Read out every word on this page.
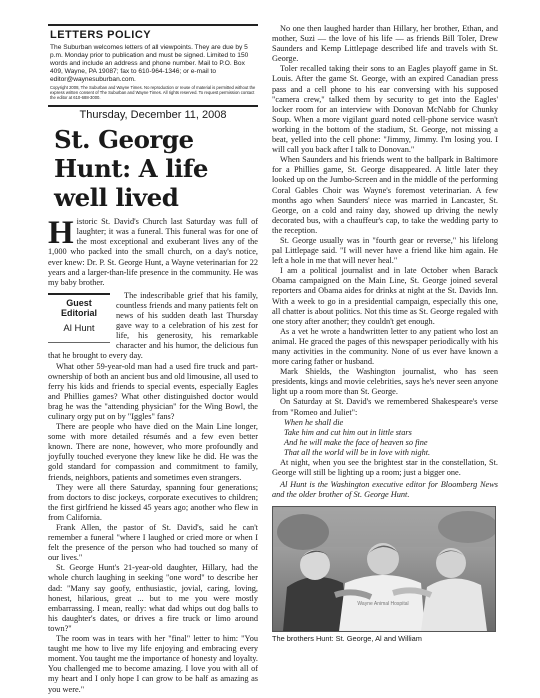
LETTERS POLICY
The Suburban welcomes letters of all viewpoints. They are due by 5 p.m. Monday prior to publication and must be signed. Limited to 150 words and include an address and phone number. Mail to P.O. Box 409, Wayne, PA 19087; fax to 610-964-1346; or e-mail to editor@waynesuburban.com.
Copyright 2008, The Suburban and Wayne Times. No reproduction or reuse of material is permitted without the express written consent of The Suburban and Wayne Times. All rights reserved. To request permission contact the editor at 610-688-3000.
Thursday, December 11, 2008
St. George Hunt: A life well lived
Historic St. David's Church last Saturday was full of laughter; it was a funeral. This funeral was for one of the most exceptional and exuberant lives any of the 1,000 who packed into the small church, on a day's notice, ever knew: Dr. P. St. George Hunt, a Wayne veterinarian for 22 years and a larger-than-life presence in the community. He was my baby brother.
Guest Editorial
Al Hunt

The indescribable grief that his family, countless friends and many patients felt on news of his sudden death last Thursday gave way to a celebration of his zest for life, his generosity, his remarkable character and his humor, the delicious fun that he brought to every day.

What other 59-year-old man had a used fire truck and part-ownership of both an ancient bus and old limousine, all used to ferry his kids and friends to special events, especially Eagles and Phillies games? What other distinguished doctor would brag he was the "attending physician" for the Wing Bowl, the culinary orgy put on by "Iggles" fans?

There are people who have died on the Main Line longer, some with more detailed résumés and a few even better known. There are none, however, who more profoundly and joyfully touched everyone they knew like he did. He was the gold standard for compassion and commitment to family, friends, neighbors, patients and sometimes even strangers.

They were all there Saturday, spanning four generations; from doctors to disc jockeys, corporate executives to children; the first girlfriend he kissed 45 years ago; another who flew in from California.

Frank Allen, the pastor of St. David's, said he can't remember a funeral "where I laughed or cried more or when I felt the presence of the person who had touched so many of our lives."

St. George Hunt's 21-year-old daughter, Hillary, had the whole church laughing in seeking "one word" to describe her dad: "Many say goofy, enthusiastic, jovial, caring, loving, honest, hilarious, great ... but to me you were mostly embarrassing. I mean, really: what dad whips out dog balls to his daughter's dates, or drives a fire truck or limo around town?"

The room was in tears with her "final" letter to him: "You taught me how to live my life enjoying and embracing every moment. You taught me the importance of honesty and loyalty. You challenged me to become amazing. I love you with all of my heart and I only hope I can grow to be half as amazing as you were."

No one then laughed harder than Hillary, her brother, Ethan, and mother, Suzi — the love of his life — as friends Bill Toler, Drew Saunders and Kemp Littlepage described life and travels with St. George.

Toler recalled taking their sons to an Eagles playoff game in St. Louis. After the game St. George, with an expired Canadian press pass and a cell phone to his ear conversing with his supposed "camera crew," talked them by security to get into the Eagles' locker room for an interview with Donovan McNabb for Chunky Soup. When a more vigilant guard noted cell-phone service wasn't working in the bottom of the stadium, St. George, not missing a beat, yelled into the cell phone: "Jimmy, Jimmy. I'm losing you. I will call you back after I talk to Donovan."

When Saunders and his friends went to the ballpark in Baltimore for a Phillies game, St. George disappeared. A little later they looked up on the Jumbo-Screen and in the middle of the performing Coral Gables Choir was Wayne's foremost veterinarian. A few months ago when Saunders' niece was married in Lancaster, St. George, on a cold and rainy day, showed up driving the newly decorated bus, with a chauffeur's cap, to take the wedding party to the reception.

St. George usually was in "fourth gear or reverse," his lifelong pal Littlepage said. "I will never have a friend like him again. He left a hole in me that will never heal."

I am a political journalist and in late October when Barack Obama campaigned on the Main Line, St. George joined several reporters and Obama aides for drinks at night at the St. Davids Inn. With a week to go in a presidential campaign, especially this one, all chatter is about politics. Not this time as St. George regaled with one story after another; they couldn't get enough.

As a vet he wrote a handwritten letter to any patient who lost an animal. He graced the pages of this newspaper periodically with his many activities in the community. None of us ever have known a more caring father or husband.

Mark Shields, the Washington journalist, who has seen presidents, kings and movie celebrities, says he's never seen anyone light up a room more than St. George.

On Saturday at St. David's we remembered Shakespeare's verse from "Romeo and Juliet":

When he shall die
Take him and cut him out in little stars
And he will make the face of heaven so fine
That all the world will be in love with night.

At night, when you see the brightest star in the constellation, St. George will still be lighting up a room; just a bigger one.

Al Hunt is the Washington executive editor for Bloomberg News and the older brother of St. George Hunt.
Wayne Animal Hospital
The brothers Hunt: St. George, Al and William
